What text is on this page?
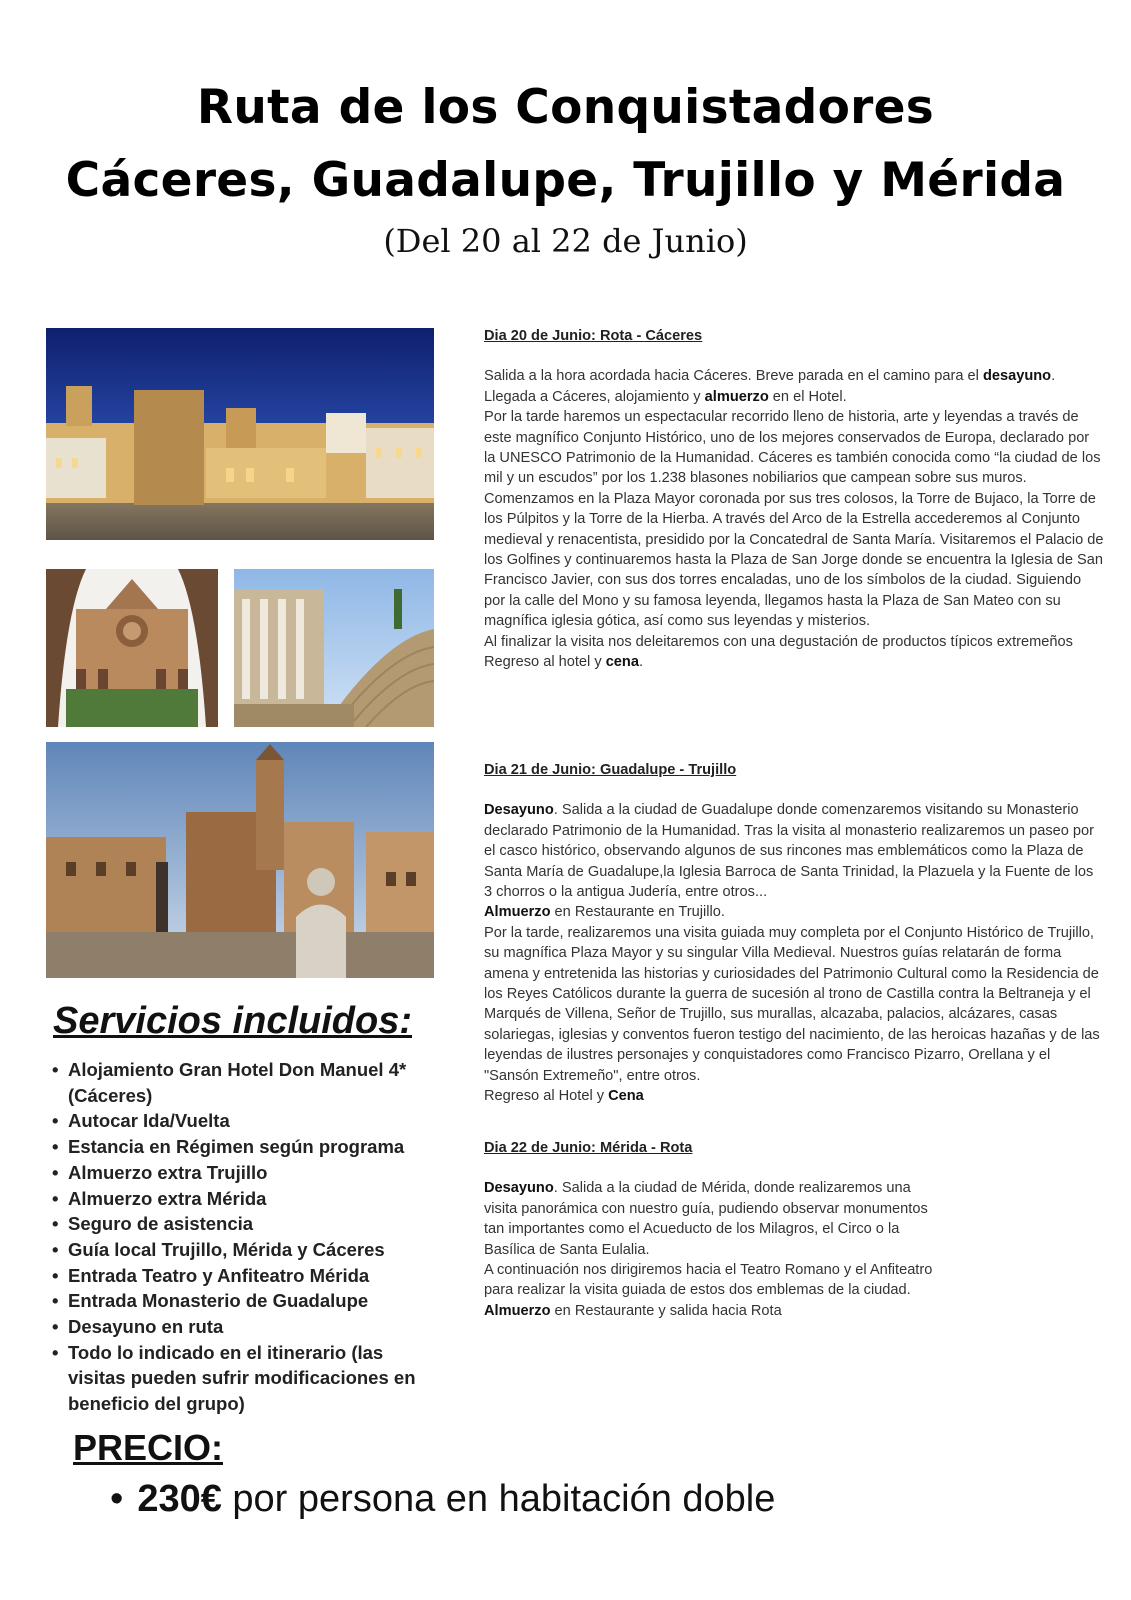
Ruta de los Conquistadores
Cáceres, Guadalupe, Trujillo y Mérida
(Del 20 al 22 de Junio)
Dia 20 de Junio: Rota - Cáceres

Salida a la hora acordada hacia Cáceres. Breve parada en el camino para el desayuno. Llegada a Cáceres, alojamiento y almuerzo en el Hotel.

Por la tarde haremos un espectacular recorrido lleno de historia, arte y leyendas a través de este magnífico Conjunto Histórico, uno de los mejores conservados de Europa, declarado por la UNESCO Patrimonio de la Humanidad. Cáceres es también conocida como “la ciudad de los mil y un escudos” por los 1.238 blasones nobiliarios que campean sobre sus muros. Comenzamos en la Plaza Mayor coronada por sus tres colosos, la Torre de Bujaco, la Torre de los Púlpitos y la Torre de la Hierba. A través del Arco de la Estrella accederemos al Conjunto medieval y renacentista, presidido por la Concatedral de Santa María. Visitaremos el Palacio de los Golfines y continuaremos hasta la Plaza de San Jorge donde se encuentra la Iglesia de San Francisco Javier, con sus dos torres encaladas, uno de los símbolos de la ciudad. Siguiendo por la calle del Mono y su famosa leyenda, llegamos hasta la Plaza de San Mateo con su magnífica iglesia gótica, así como sus leyendas y misterios.

Al finalizar la visita nos deleitaremos con una degustación de productos típicos extremeños

Regreso al hotel y cena.

Dia 21 de Junio: Guadalupe - Trujillo

Desayuno. Salida a la ciudad de Guadalupe donde comenzaremos visitando su Monasterio declarado Patrimonio de la Humanidad. Tras la visita al monasterio realizaremos un paseo por el casco histórico, observando algunos de sus rincones mas emblemáticos como la Plaza de Santa María de Guadalupe,la Iglesia Barroca de Santa Trinidad, la Plazuela y la Fuente de los 3 chorros o la antigua Judería, entre otros...

Almuerzo en Restaurante en Trujillo.

Por la tarde, realizaremos una visita guiada muy completa por el Conjunto Histórico de Trujillo, su magnífica Plaza Mayor y su singular Villa Medieval. Nuestros guías relatarán de forma amena y entretenida las historias y curiosidades del Patrimonio Cultural como la Residencia de los Reyes Católicos durante la guerra de sucesión al trono de Castilla contra la Beltraneja y el Marqués de Villena, Señor de Trujillo, sus murallas, alcazaba, palacios, alcázares, casas solariegas, iglesias y conventos fueron testigo del nacimiento, de las heroicas hazañas y de las leyendas de ilustres personajes y conquistadores como Francisco Pizarro, Orellana y el "Sansón Extremeño", entre otros.

Regreso al Hotel y Cena

Dia 22 de Junio: Mérida - Rota

Desayuno. Salida a la ciudad de Mérida, donde realizaremos una visita panorámica con nuestro guía, pudiendo observar monumentos tan importantes como el Acueducto de los Milagros, el Circo o la Basílica de Santa Eulalia.

A continuación nos dirigiremos hacia el Teatro Romano y el Anfiteatro para realizar la visita guiada de estos dos emblemas de la ciudad.

Almuerzo en Restaurante y salida hacia Rota

Servicios incluidos:
• Alojamiento Gran Hotel Don Manuel 4* (Cáceres)
• Autocar Ida/Vuelta
• Estancia en Régimen según programa
• Almuerzo extra Trujillo
• Almuerzo extra Mérida
• Seguro de asistencia
• Guía local Trujillo, Mérida y Cáceres
• Entrada Teatro y Anfiteatro Mérida
• Entrada Monasterio de Guadalupe
• Desayuno en ruta
• Todo lo indicado en el itinerario (las visitas pueden sufrir modificaciones en beneficio del grupo)
PRECIO:
• 230€ por persona en habitación doble
